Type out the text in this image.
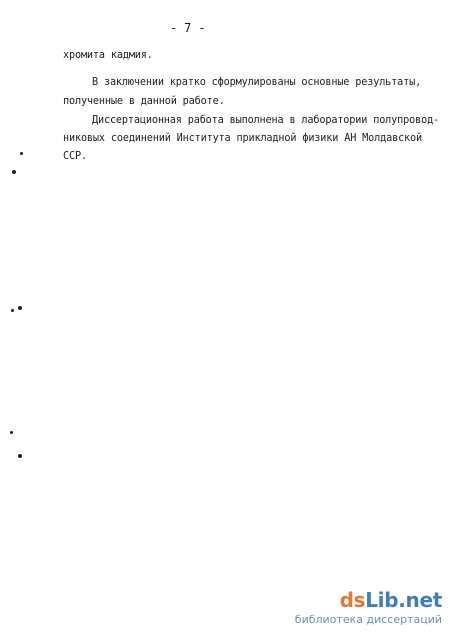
- 7 -
хромита кадмия.
В заключении кратко сформулированы основные результаты,
полученные в данной работе.
Диссертационная работа выполнена в лаборатории полупровод-
никовых соединений Института прикладной физики АН Молдавской
ССР.
dsLib.net
библиотека диссертаций
